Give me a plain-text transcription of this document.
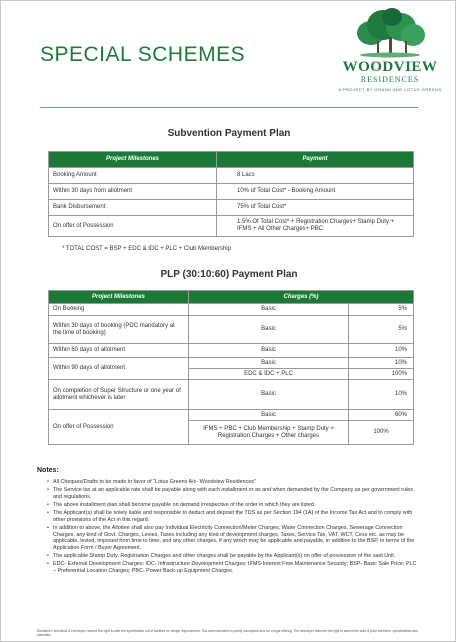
SPECIAL SCHEMES
WOODVIEW
RESIDENCES
A PROJECT BY GRAND AND LOTUS GREENS
Subvention Payment Plan
Project Milestones	Payment
Booking Amount	8 Lacs
Within 30 days from allotment	10% of Total Cost* - Booking Amount
Bank Disbursement	75% of Total Cost*
On offer of Possession	1.5% Of Total Cost* + Registration Charges+ Stamp Duty + IFMS + All Other Charges+ PBC
* TOTAL COST = BSP + EDC & IDC + PLC + Club Membership
PLP (30:10:60) Payment Plan
Project Milestones	Charges (%)	
On Booking	Basic	5%
Within 30 days of booking (PDC mandatory at the time of booking)	Basic	5%
Within 60 days of allotment	Basic	10%
Within 90 days of allotment	Basic	10%
	EDC & IDC + PLC	100%
On completion of Super Structure or one year of allotment whichever is later	Basic	10%
On offer of Possession	Basic	60%
	IFMS + PBC + Club Membership + Stamp Duty + Registration Charges + Other charges	100%
Notes:
• All Cheques/Drafts to be made in favor of "Lotus Greens A/c- Woodview Residences"
• The Service tax at an applicable rate shall be payable along with each installment or as and when demanded by the Company as per government rules and regulations.
• The above installment plan shall become payable on demand irrespective of the order in which they are listed.
• The Applicant(s) shall be solely liable and responsible to deduct and deposit the TDS as per Section 194 (1A) of the Income Tax Act and to comply with other provisions of the Act in this regard.
• In addition to above, the Allottee shall also pay Individual Electricity Connection/Meter Charges, Water Connection Charges, Sewerage Connection Charges, any kind of Govt. Charges, Levies, Taxes including any kind of development charges, Taxes, Service Tax, VAT, WCT, Cess etc. as may be applicable, levied, imposed from time to time, and any other charges, if any which may be applicable and payable, in addition to the BSP, in terms of the Application Form / Buyer Agreement.
• The applicable Stamp Duty, Registration Charges and other charges shall be payable by the Applicant(s) on offer of possession of the said Unit.
• EDC- External Development Charges; IDC- Infrastructure Development Charges; IFMS-Interest Free Maintenance Security; BSP- Basic Sale Price; PLC – Preferential Location Charges; PBC- Power Back-up Equipment Charges.
Disclaimer: Architects & Developer reserve the right to alter the specification out of facilities for design improvement. This communication is purely conceptual and not a legal offering. The developer reserves the right to amend the area & price elements, specifications and amenities.
